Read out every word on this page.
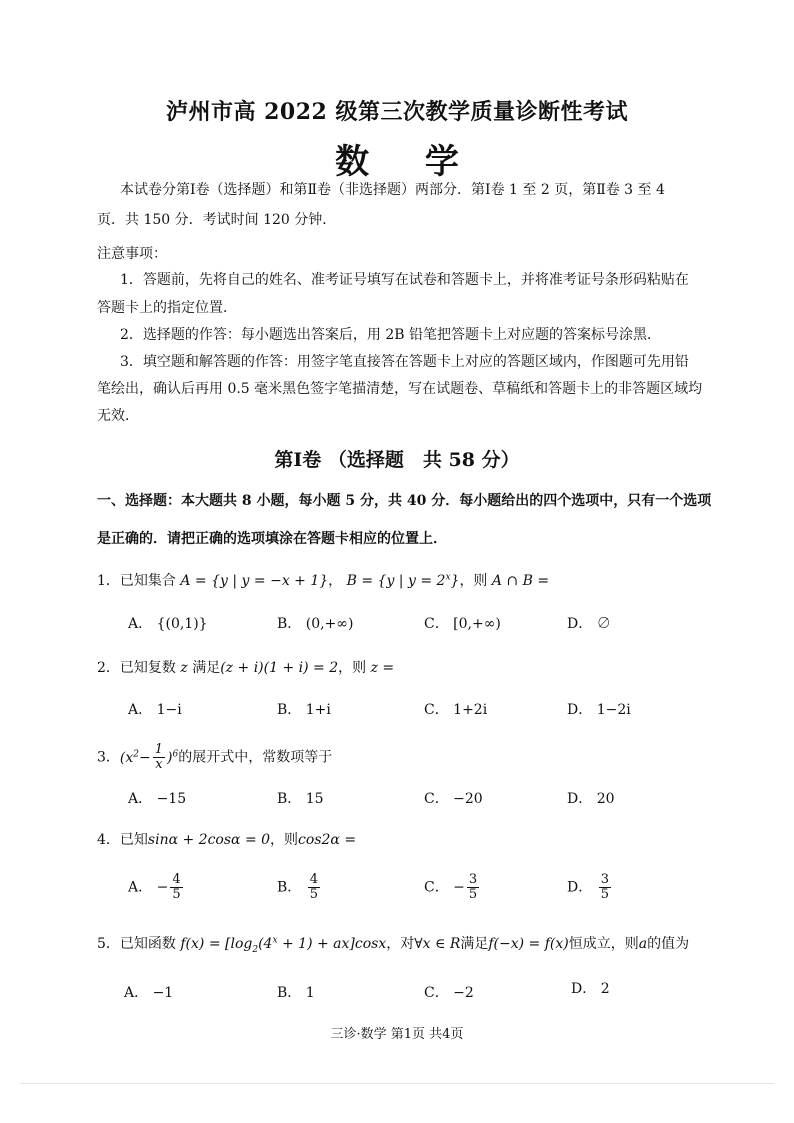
泸州市高 2022 级第三次教学质量诊断性考试
数 学
本试卷分第Ⅰ卷（选择题）和第Ⅱ卷（非选择题）两部分．第Ⅰ卷 1 至 2 页，第Ⅱ卷 3 至 4
页．共 150 分．考试时间 120 分钟．
注意事项：
1．答题前，先将自己的姓名、准考证号填写在试卷和答题卡上，并将准考证号条形码粘贴在
答题卡上的指定位置．
2．选择题的作答：每小题选出答案后，用 2B 铅笔把答题卡上对应题的答案标号涂黑．
3．填空题和解答题的作答：用签字笔直接答在答题卡上对应的答题区域内，作图题可先用铅
笔绘出，确认后再用 0.5 毫米黑色签字笔描清楚，写在试题卷、草稿纸和答题卡上的非答题区域均
无效．
第Ⅰ卷 （选择题　共 58 分）
一、选择题：本大题共 8 小题，每小题 5 分，共 40 分．每小题给出的四个选项中，只有一个选项
是正确的．请把正确的选项填涂在答题卡相应的位置上．
1．已知集合 A = {y | y = −x + 1}， B = {y | $y = 2^x$}，则 A ∩ B =
A． {(0,1)}	B． (0,+∞)	C． [0,+∞)	D． ∅
2．已知复数 z 满足(z + i)(1 + i) = 2，则 z =
A． 1−i	B． 1+i	C． 1+2i	D． 1−2i
3．$(x^2- \frac{1}{x} )^6$的展开式中，常数项等于
A． −15	B． 15	C． −20	D． 20
4．已知sinα + 2cosα = 0，则cos2α =
A． − $\frac{4}{5}$	B． $\frac{4}{5}$	C． − $\frac{3}{5}$	D． $\frac{3}{5}$
5．已知函数 $f(x) = [\log_2(4^x + 1) + ax]\cos x$，对∀x ∈ R满足f(−x) = f(x)恒成立，则a的值为
A． −1	B． 1	C． −2	D． 2
三诊·数学 第1页 共4页
